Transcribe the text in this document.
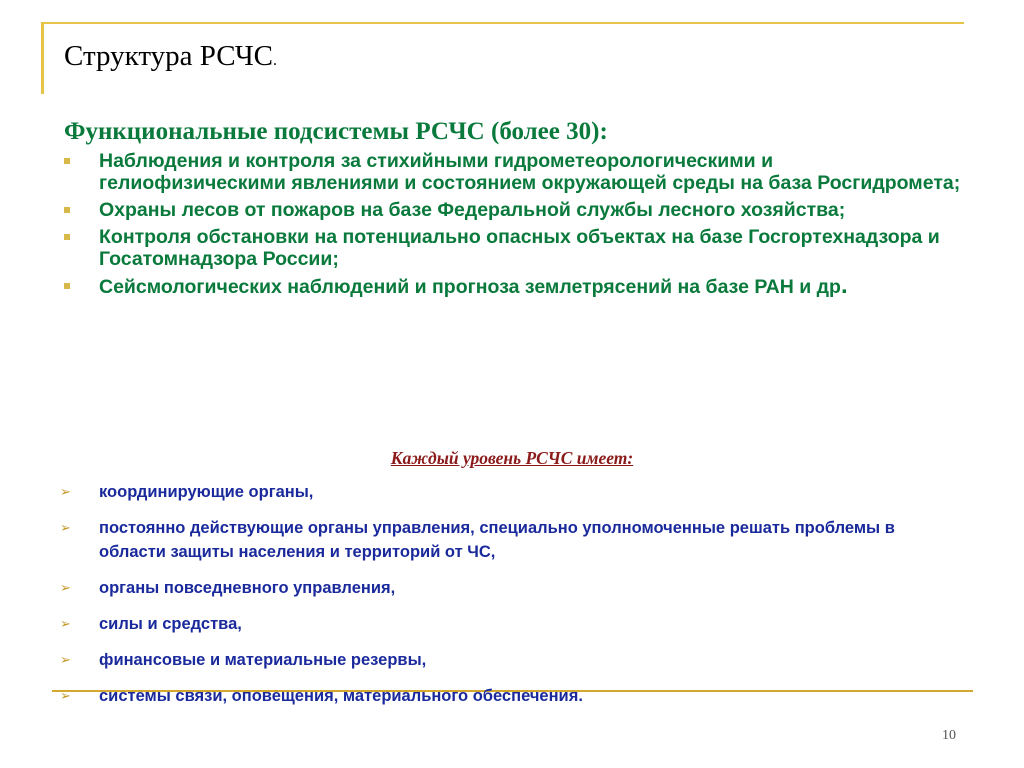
Структура РСЧС.
Функциональные подсистемы РСЧС (более 30):
Наблюдения и контроля за стихийными гидрометеорологическими и гелиофизическими явлениями и состоянием окружающей среды на база Росгидромета;
Охраны лесов от пожаров на базе Федеральной службы лесного хозяйства;
Контроля обстановки на потенциально опасных объектах на базе Госгортехнадзора и Госатомнадзора России;
Сейсмологических наблюдений и прогноза землетрясений на базе РАН и др.
Каждый уровень РСЧС имеет:
➢ координирующие органы,
➢ постоянно действующие органы управления, специально уполномоченные решать проблемы в области защиты населения и территорий от ЧС,
➢ органы повседневного управления,
➢ силы и средства,
➢ финансовые и материальные резервы,
➢ системы связи, оповещения, материального обеспечения.
10
